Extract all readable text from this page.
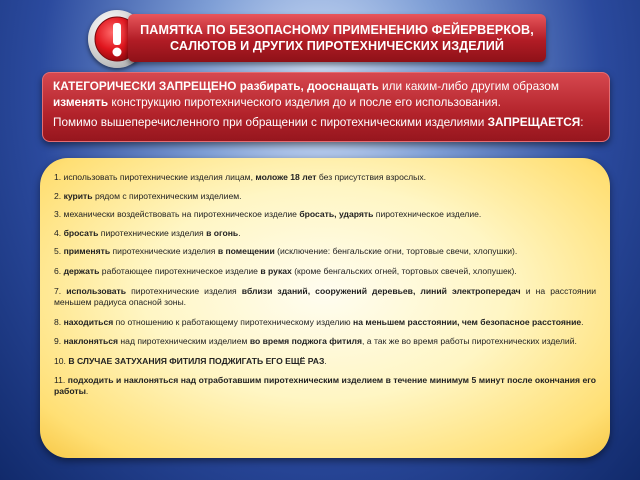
ПАМЯТКА ПО БЕЗОПАСНОМУ ПРИМЕНЕНИЮ ФЕЙЕРВЕРКОВ,
САЛЮТОВ И ДРУГИХ ПИРОТЕХНИЧЕСКИХ ИЗДЕЛИЙ

КАТЕГОРИЧЕСКИ ЗАПРЕЩЕНО разбирать, дооснащать или каким-либо другим образом изменять конструкцию пиротехнического изделия до и после его использования.

Помимо вышеперечисленного при обращении с пиротехническими изделиями ЗАПРЕЩАЕТСЯ:

1. использовать пиротехнические изделия лицам, моложе 18 лет без присутствия взрослых.

2. курить рядом с пиротехническим изделием.

3. механически воздействовать на пиротехническое изделие бросать, ударять пиротехническое изделие.

4. бросать пиротехнические изделия в огонь.

5. применять пиротехнические изделия в помещении (исключение: бенгальские огни, тортовые свечи, хлопушки).

6. держать работающее пиротехническое изделие в руках (кроме бенгальских огней, тортовых свечей, хлопушек).

7. использовать пиротехнические изделия вблизи зданий, сооружений деревьев, линий электропередач и на расстоянии меньшем радиуса опасной зоны.

8. находиться по отношению к работающему пиротехническому изделию на меньшем расстоянии, чем безопасное расстояние.

9. наклоняться над пиротехническим изделием во время поджога фитиля, а так же во время работы пиротехнических изделий.

10. В СЛУЧАЕ ЗАТУХАНИЯ ФИТИЛЯ ПОДЖИГАТЬ ЕГО ЕЩЁ РАЗ.

11. подходить и наклоняться над отработавшим пиротехническим изделием в течение минимум 5 минут после окончания его работы.
